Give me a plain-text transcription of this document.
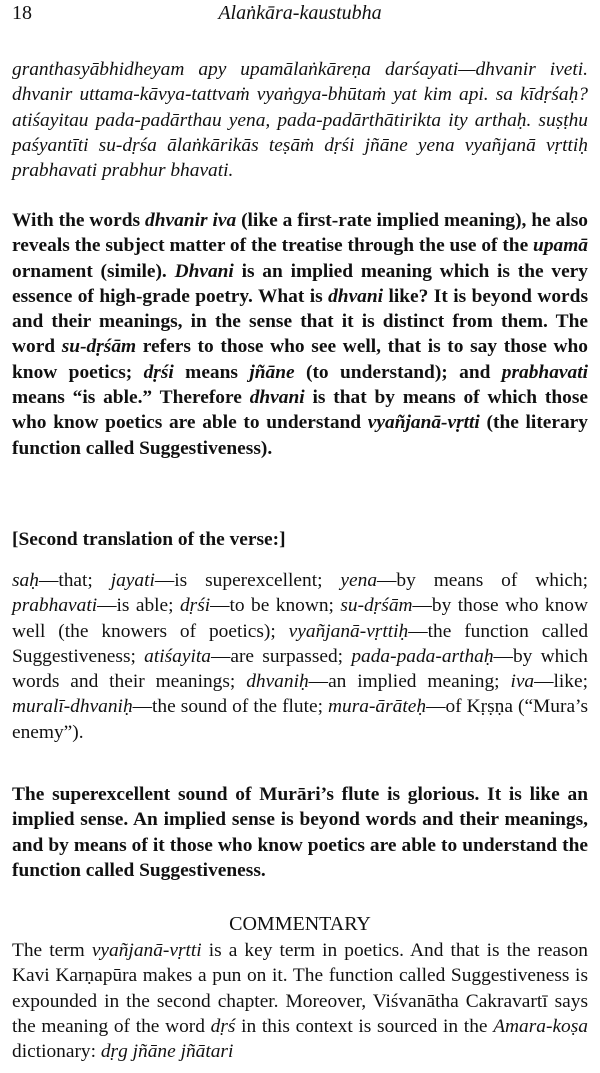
18	Alaṅkāra-kaustubha

granthasyābhidheyam apy upamālaṅkāreṇa darśayati—dhvanir iveti. dhvanir uttama-kāvya-tattvaṁ vyaṅgya-bhūtaṁ yat kim api. sa kīdṛśaḥ? atiśayitau pada-padārthau yena, pada-padārthātirikta ity arthaḥ. suṣṭhu paśyantīti su-dṛśa ālaṅkārikās teṣāṁ dṛśi jñāne yena vyañjanā vṛttiḥ prabhavati prabhur bhavati.

With the words dhvanir iva (like a first-rate implied meaning), he also reveals the subject matter of the treatise through the use of the upamā ornament (simile). Dhvani is an implied meaning which is the very essence of high-grade poetry. What is dhvani like? It is beyond words and their meanings, in the sense that it is distinct from them. The word su-dṛśām refers to those who see well, that is to say those who know poetics; dṛśi means jñāne (to understand); and prabhavati means “is able.” Therefore dhvani is that by means of which those who know poetics are able to understand vyañjanā-vṛtti (the literary function called Suggestiveness).

[Second translation of the verse:]

saḥ—that; jayati—is superexcellent; yena—by means of which; prabhavati—is able; dṛśi—to be known; su-dṛśām—by those who know well (the knowers of poetics); vyañjanā-vṛttiḥ—the function called Suggestiveness; atiśayita—are surpassed; pada-pada-arthaḥ—by which words and their meanings; dhvaniḥ—an implied meaning; iva—like; muralī-dhvaniḥ—the sound of the flute; mura-ārāteḥ—of Kṛṣṇa (“Mura’s enemy”).

The superexcellent sound of Murāri’s flute is glorious. It is like an implied sense. An implied sense is beyond words and their meanings, and by means of it those who know poetics are able to understand the function called Suggestiveness.

COMMENTARY

The term vyañjanā-vṛtti is a key term in poetics. And that is the reason Kavi Karṇapūra makes a pun on it. The function called Suggestiveness is expounded in the second chapter. Moreover, Viśvanātha Cakravartī says the meaning of the word dṛś in this context is sourced in the Amara-koṣa dictionary: dṛg jñāne jñātari
